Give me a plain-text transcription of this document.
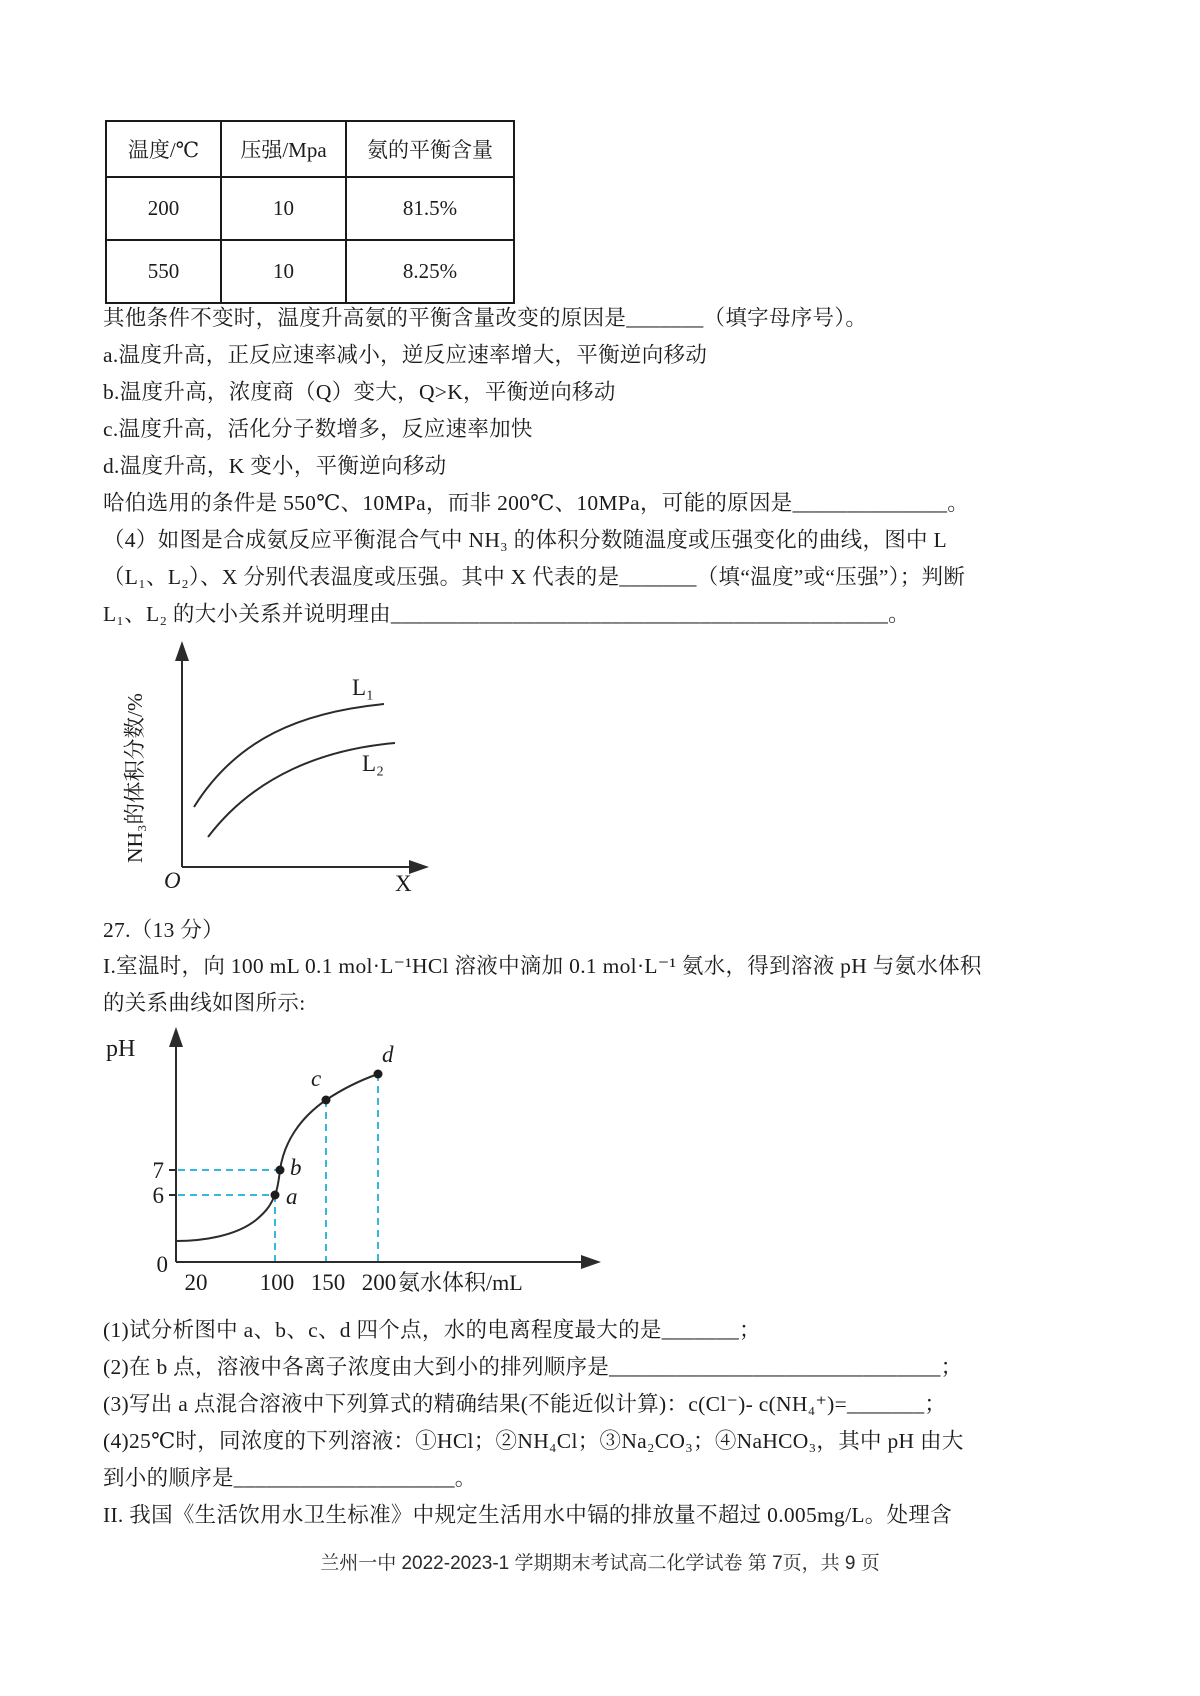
温度/℃	压强/Mpa	氨的平衡含量
200	10	81.5%
550	10	8.25%
其他条件不变时，温度升高氨的平衡含量改变的原因是_______（填字母序号）。
a.温度升高，正反应速率减小，逆反应速率增大，平衡逆向移动
b.温度升高，浓度商（Q）变大，Q>K，平衡逆向移动
c.温度升高，活化分子数增多，反应速率加快
d.温度升高，K 变小，平衡逆向移动
哈伯选用的条件是 550℃、10MPa，而非 200℃、10MPa，可能的原因是______________。
（4）如图是合成氨反应平衡混合气中 NH₃ 的体积分数随温度或压强变化的曲线，图中 L
（L₁、L₂）、X 分别代表温度或压强。其中 X 代表的是_______（填“温度”或“压强”）；判断
L₁、L₂ 的大小关系并说明理由_____________________________________________。
L₁
L₂
NH₃的体积分数/%
O	X
27.（13 分）
I.室温时，向 100 mL 0.1 mol·L⁻¹HCl 溶液中滴加 0.1 mol·L⁻¹ 氨水，得到溶液 pH 与氨水体积
的关系曲线如图所示:
a
b
c
d
pH
7
6
0
20 100 150 200 氨水体积/mL
(1)试分析图中 a、b、c、d 四个点，水的电离程度最大的是_______；
(2)在 b 点，溶液中各离子浓度由大到小的排列顺序是______________________________；
(3)写出 a 点混合溶液中下列算式的精确结果(不能近似计算)：c(Cl⁻)- c(NH₄⁺)=_______；
(4)25℃时，同浓度的下列溶液：①HCl；②NH₄Cl；③Na₂CO₃；④NaHCO₃，其中 pH 由大
到小的顺序是____________________。
II. 我国《生活饮用水卫生标准》中规定生活用水中镉的排放量不超过 0.005mg/L。处理含
兰州一中 2022-2023-1 学期期末考试高二化学试卷 第 7页，共 9 页
